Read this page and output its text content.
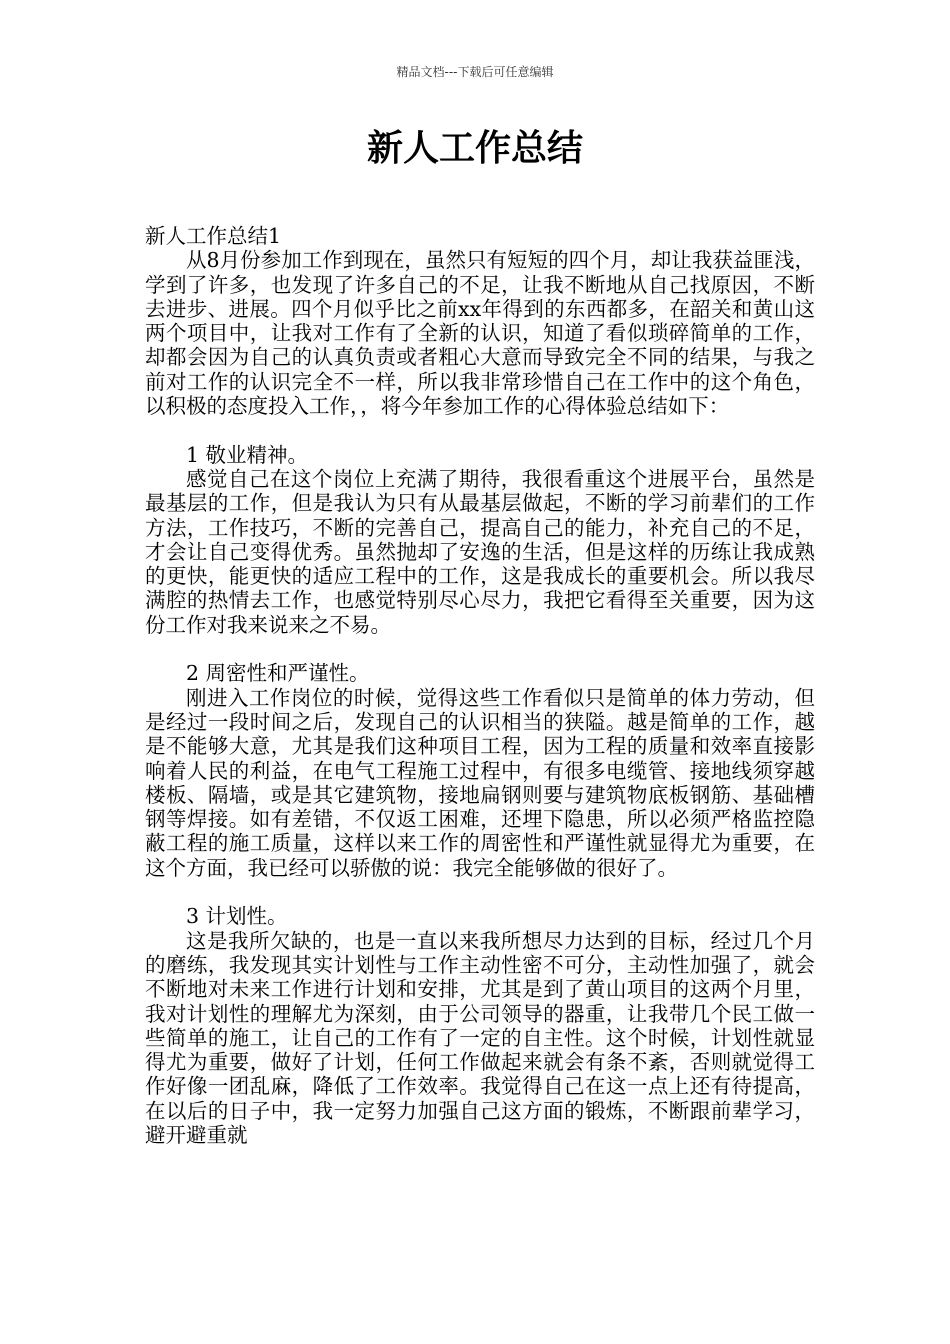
精品文档---下载后可任意编辑
新人工作总结

新人工作总结1

从8月份参加工作到现在，虽然只有短短的四个月，却让我获益匪浅，学到了许多，也发现了许多自己的不足，让我不断地从自己找原因，不断去进步、进展。四个月似乎比之前xx年得到的东西都多，在韶关和黄山这两个项目中，让我对工作有了全新的认识，知道了看似琐碎简单的工作，却都会因为自己的认真负责或者粗心大意而导致完全不同的结果，与我之前对工作的认识完全不一样，所以我非常珍惜自己在工作中的这个角色，以积极的态度投入工作，，将今年参加工作的心得体验总结如下：

1 敬业精神。

感觉自己在这个岗位上充满了期待，我很看重这个进展平台，虽然是最基层的工作，但是我认为只有从最基层做起，不断的学习前辈们的工作方法，工作技巧，不断的完善自己，提高自己的能力，补充自己的不足，才会让自己变得优秀。虽然抛却了安逸的生活，但是这样的历练让我成熟的更快，能更快的适应工程中的工作，这是我成长的重要机会。所以我尽满腔的热情去工作，也感觉特别尽心尽力，我把它看得至关重要，因为这份工作对我来说来之不易。

2 周密性和严谨性。

刚进入工作岗位的时候，觉得这些工作看似只是简单的体力劳动，但是经过一段时间之后，发现自己的认识相当的狭隘。越是简单的工作，越是不能够大意，尤其是我们这种项目工程，因为工程的质量和效率直接影响着人民的利益，在电气工程施工过程中，有很多电缆管、接地线须穿越楼板、隔墙，或是其它建筑物，接地扁钢则要与建筑物底板钢筋、基础槽钢等焊接。如有差错，不仅返工困难，还埋下隐患，所以必须严格监控隐蔽工程的施工质量，这样以来工作的周密性和严谨性就显得尤为重要，在这个方面，我已经可以骄傲的说：我完全能够做的很好了。

3 计划性。

这是我所欠缺的，也是一直以来我所想尽力达到的目标，经过几个月的磨练，我发现其实计划性与工作主动性密不可分，主动性加强了，就会不断地对未来工作进行计划和安排，尤其是到了黄山项目的这两个月里，我对计划性的理解尤为深刻，由于公司领导的器重，让我带几个民工做一些简单的施工，让自己的工作有了一定的自主性。这个时候，计划性就显得尤为重要，做好了计划，任何工作做起来就会有条不紊，否则就觉得工作好像一团乱麻，降低了工作效率。我觉得自己在这一点上还有待提高，在以后的日子中，我一定努力加强自己这方面的锻炼，不断跟前辈学习，避开避重就
